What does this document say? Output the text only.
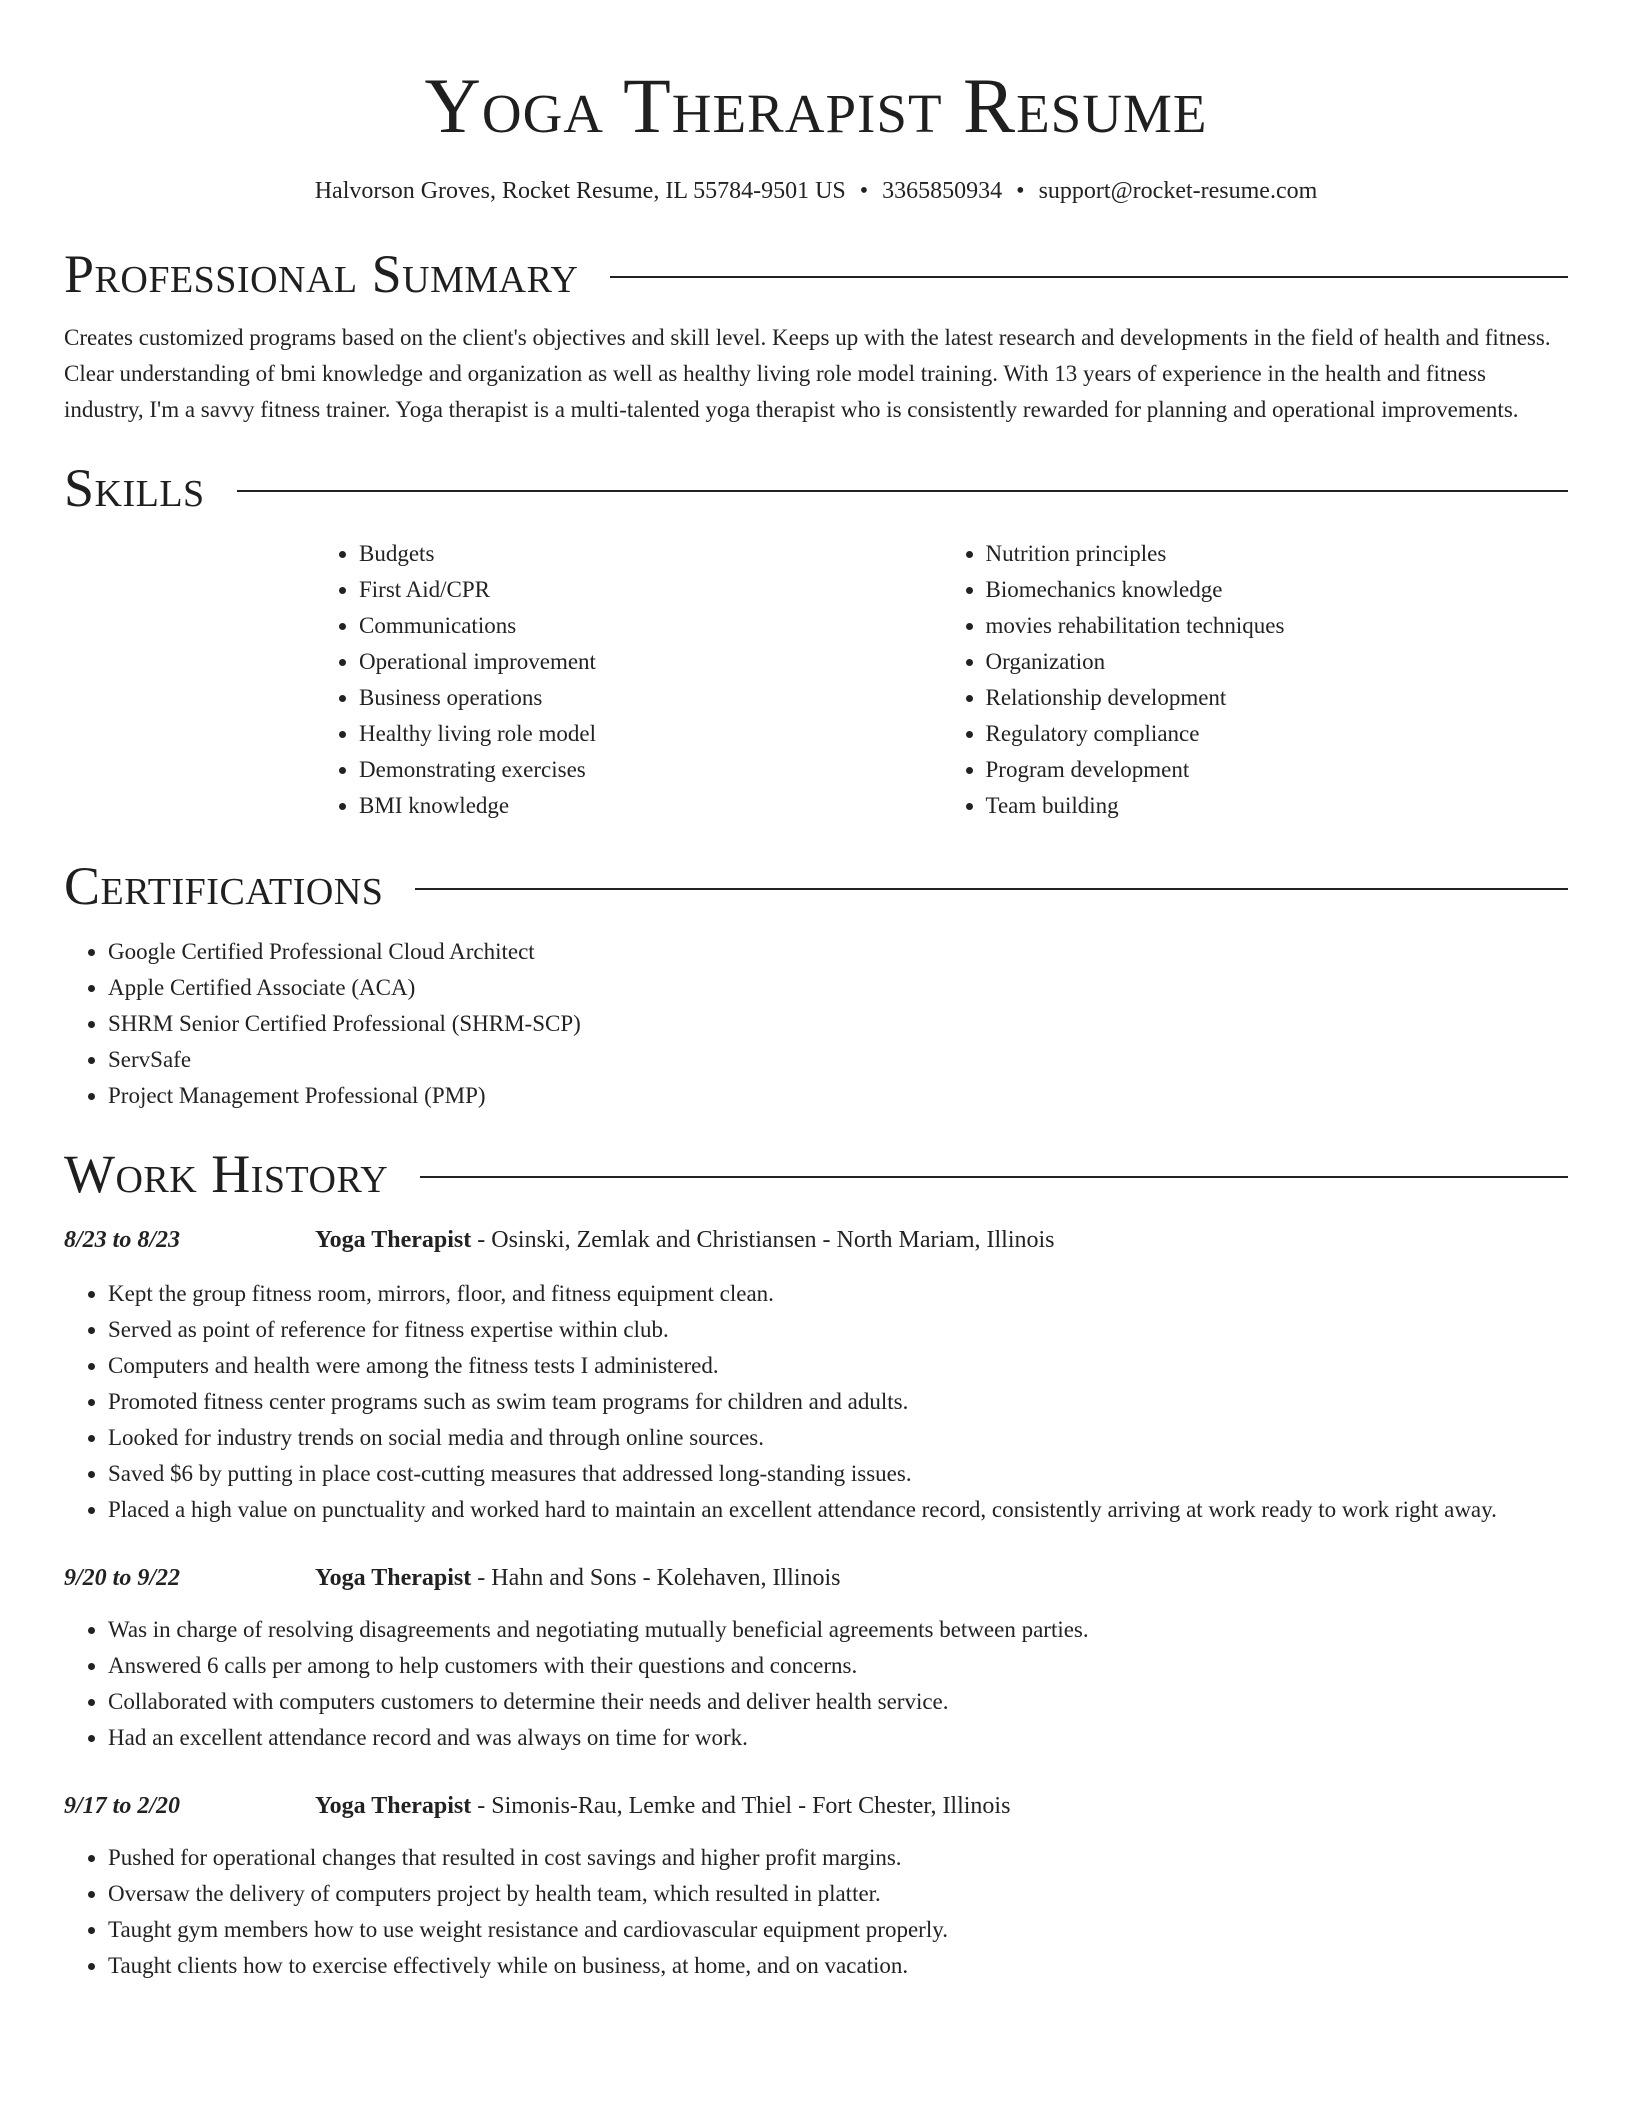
Yoga Therapist Resume
Halvorson Groves, Rocket Resume, IL 55784-9501 US • 3365850934 • support@rocket-resume.com
Professional Summary

Creates customized programs based on the client's objectives and skill level. Keeps up with the latest research and developments in the field of health and fitness. Clear understanding of bmi knowledge and organization as well as healthy living role model training. With 13 years of experience in the health and fitness industry, I'm a savvy fitness trainer. Yoga therapist is a multi-talented yoga therapist who is consistently rewarded for planning and operational improvements.

Skills
• Budgets
• First Aid/CPR
• Communications
• Operational improvement
• Business operations
• Healthy living role model
• Demonstrating exercises
• BMI knowledge
• Nutrition principles
• Biomechanics knowledge
• movies rehabilitation techniques
• Organization
• Relationship development
• Regulatory compliance
• Program development
• Team building
Certifications
• Google Certified Professional Cloud Architect
• Apple Certified Associate (ACA)
• SHRM Senior Certified Professional (SHRM-SCP)
• ServSafe
• Project Management Professional (PMP)
Work History
8/23 to 8/23	Yoga Therapist - Osinski, Zemlak and Christiansen - North Mariam, Illinois
• Kept the group fitness room, mirrors, floor, and fitness equipment clean.
• Served as point of reference for fitness expertise within club.
• Computers and health were among the fitness tests I administered.
• Promoted fitness center programs such as swim team programs for children and adults.
• Looked for industry trends on social media and through online sources.
• Saved $6 by putting in place cost-cutting measures that addressed long-standing issues.
• Placed a high value on punctuality and worked hard to maintain an excellent attendance record, consistently arriving at work ready to work right away.
9/20 to 9/22	Yoga Therapist - Hahn and Sons - Kolehaven, Illinois
• Was in charge of resolving disagreements and negotiating mutually beneficial agreements between parties.
• Answered 6 calls per among to help customers with their questions and concerns.
• Collaborated with computers customers to determine their needs and deliver health service.
• Had an excellent attendance record and was always on time for work.
9/17 to 2/20	Yoga Therapist - Simonis-Rau, Lemke and Thiel - Fort Chester, Illinois
• Pushed for operational changes that resulted in cost savings and higher profit margins.
• Oversaw the delivery of computers project by health team, which resulted in platter.
• Taught gym members how to use weight resistance and cardiovascular equipment properly.
• Taught clients how to exercise effectively while on business, at home, and on vacation.
